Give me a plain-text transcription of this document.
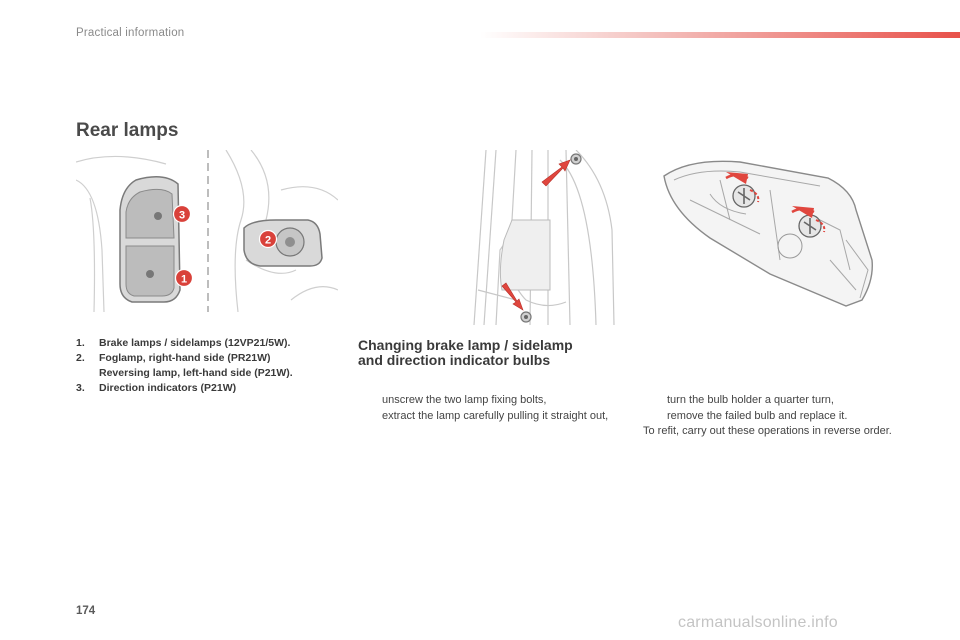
Practical information
Rear lamps
3
1
2
1. Brake lamps / sidelamps (12VP21/5W).
2. Foglamp, right-hand side (PR21W)
Reversing lamp, left-hand side (P21W).
3. Direction indicators (P21W)
Changing brake lamp / sidelamp
and direction indicator bulbs
unscrew the two lamp fixing bolts,
extract the lamp carefully pulling it straight out,
turn the bulb holder a quarter turn,
remove the failed bulb and replace it.
To refit, carry out these operations in reverse order.
174
carmanualsonline.info
